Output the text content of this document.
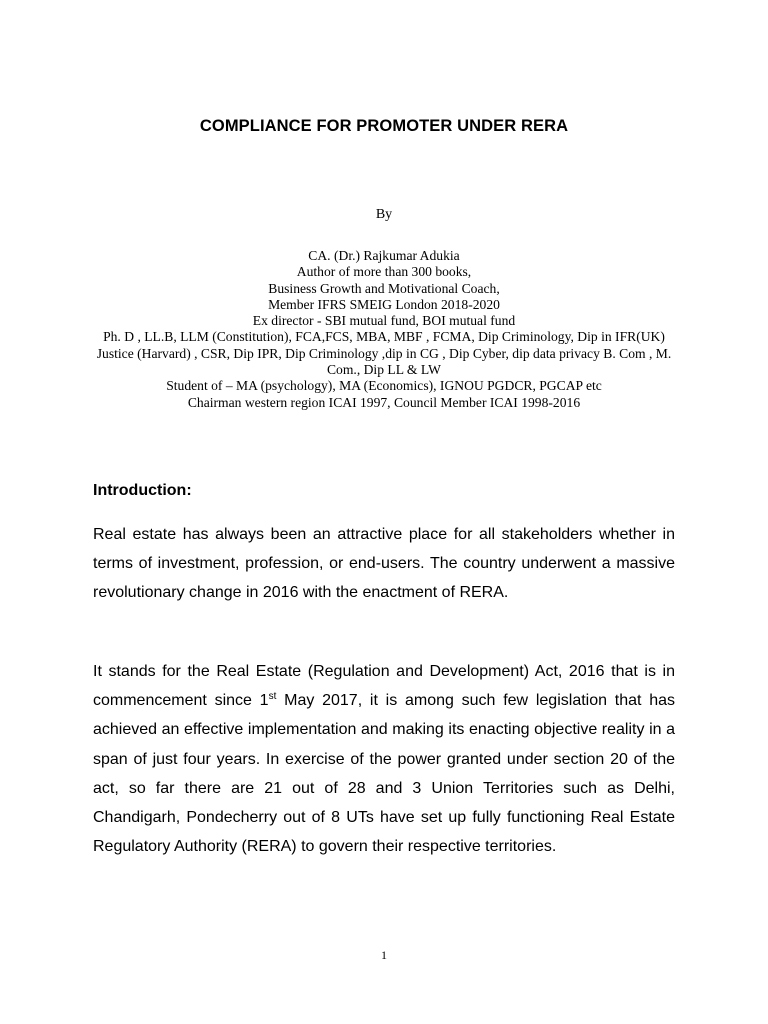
COMPLIANCE FOR PROMOTER UNDER RERA
By
CA. (Dr.) Rajkumar Adukia
Author of more than 300 books,
Business Growth and Motivational Coach,
Member IFRS SMEIG London 2018-2020
Ex director - SBI mutual fund, BOI mutual fund
Ph. D , LL.B, LLM (Constitution), FCA,FCS, MBA, MBF , FCMA, Dip Criminology, Dip in IFR(UK) Justice (Harvard) , CSR, Dip IPR, Dip Criminology ,dip in CG , Dip Cyber, dip data privacy B. Com , M. Com., Dip LL & LW
Student of – MA (psychology), MA (Economics), IGNOU PGDCR, PGCAP etc
Chairman western region ICAI 1997, Council Member ICAI 1998-2016
Introduction:
Real estate has always been an attractive place for all stakeholders whether in terms of investment, profession, or end-users. The country underwent a massive revolutionary change in 2016 with the enactment of RERA.
It stands for the Real Estate (Regulation and Development) Act, 2016 that is in commencement since 1st May 2017, it is among such few legislation that has achieved an effective implementation and making its enacting objective reality in a span of just four years. In exercise of the power granted under section 20 of the act, so far there are 21 out of 28 and 3 Union Territories such as Delhi, Chandigarh, Pondecherry out of 8 UTs have set up fully functioning Real Estate Regulatory Authority (RERA) to govern their respective territories.
1
